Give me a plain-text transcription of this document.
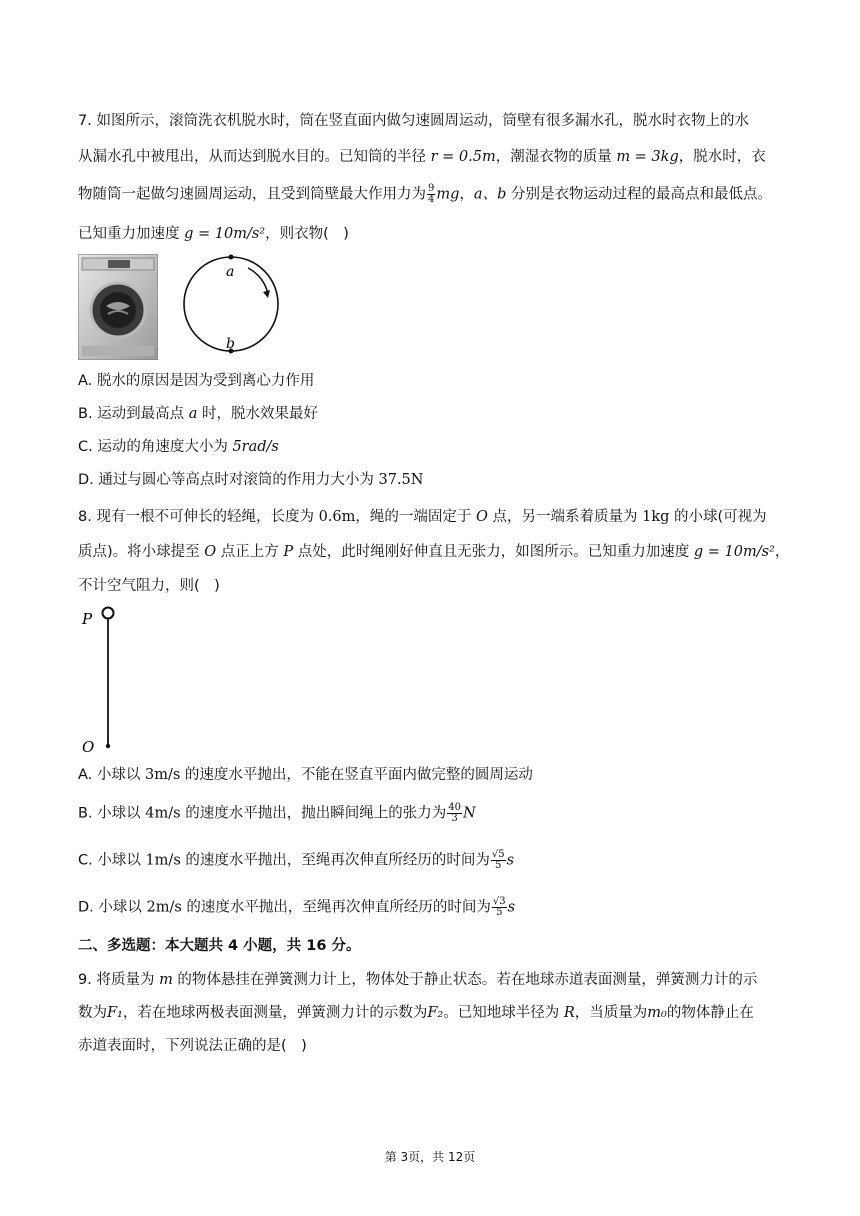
7. 如图所示，滚筒洗衣机脱水时，筒在竖直面内做匀速圆周运动，筒壁有很多漏水孔，脱水时衣物上的水
从漏水孔中被甩出，从而达到脱水目的。已知筒的半径 r = 0.5m，潮湿衣物的质量 m = 3kg，脱水时，衣
物随筒一起做匀速圆周运动，且受到筒壁最大作用力为 $\frac{9}{4}$ mg，a、b 分别是衣物运动过程的最高点和最低点。
已知重力加速度 g = 10m/s²，则衣物(　)
a
b
A. 脱水的原因是因为受到离心力作用
B. 运动到最高点 a 时，脱水效果最好
C. 运动的角速度大小为 5rad/s
D. 通过与圆心等高点时对滚筒的作用力大小为 37.5N
8. 现有一根不可伸长的轻绳，长度为 0.6m，绳的一端固定于 O 点，另一端系着质量为 1kg 的小球(可视为
质点)。将小球提至 O 点正上方 P 点处，此时绳刚好伸直且无张力，如图所示。已知重力加速度 g = 10m/s²，
不计空气阻力，则(　)
P
O
A. 小球以 3m/s 的速度水平抛出，不能在竖直平面内做完整的圆周运动
B. 小球以 4m/s 的速度水平抛出，抛出瞬间绳上的张力为 $\frac{40}{3}$ N
C. 小球以 1m/s 的速度水平抛出，至绳再次伸直所经历的时间为 $\frac{√5}{5}$ s
D. 小球以 2m/s 的速度水平抛出，至绳再次伸直所经历的时间为 $\frac{√3}{5}$ s
二、多选题：本大题共 4 小题，共 16 分。
9. 将质量为 m 的物体悬挂在弹簧测力计上，物体处于静止状态。若在地球赤道表面测量，弹簧测力计的示
数为F₁，若在地球两极表面测量，弹簧测力计的示数为F₂。已知地球半径为 R，当质量为m₀的物体静止在
赤道表面时，下列说法正确的是(　)
第 3页，共 12页
